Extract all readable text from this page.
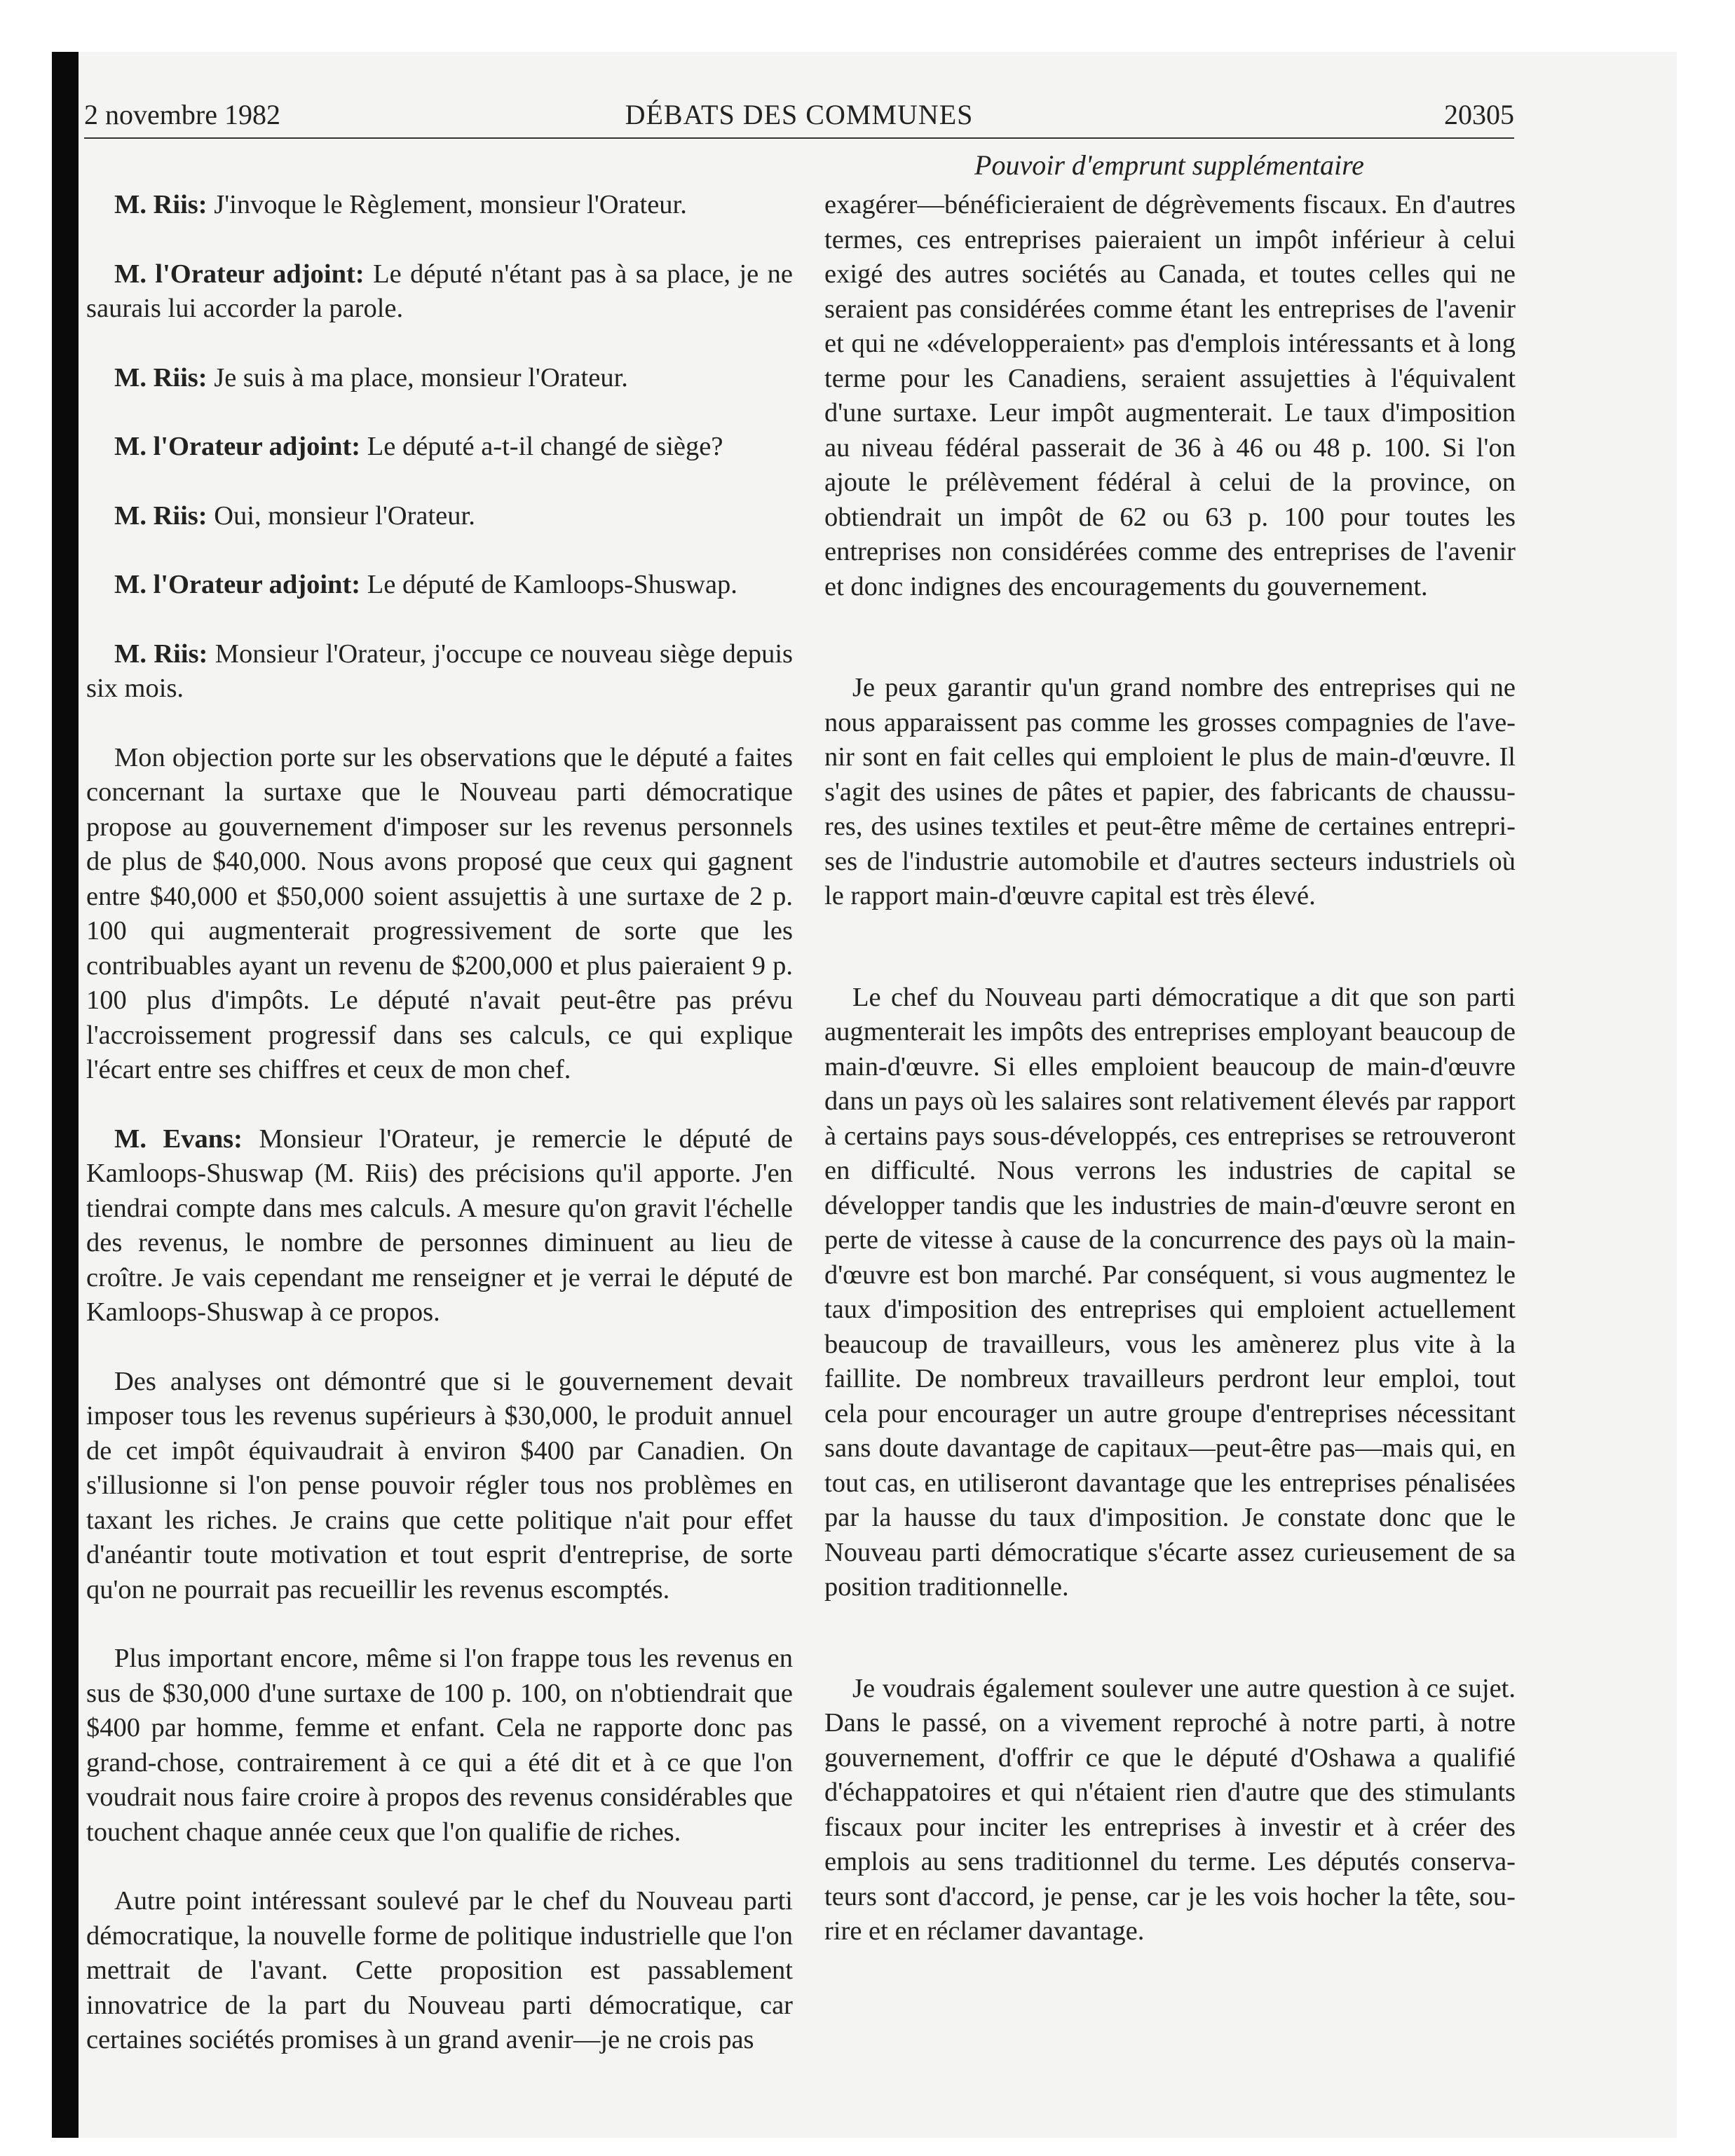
2 novembre 1982	DÉBATS DES COMMUNES	20305
Pouvoir d'emprunt supplémentaire

M. Riis: J'invoque le Règlement, monsieur l'Orateur.

M. l'Orateur adjoint: Le député n'étant pas à sa place, je ne saurais lui accorder la parole.

M. Riis: Je suis à ma place, monsieur l'Orateur.

M. l'Orateur adjoint: Le député a-t-il changé de siège?

M. Riis: Oui, monsieur l'Orateur.

M. l'Orateur adjoint: Le député de Kamloops-Shuswap.

M. Riis: Monsieur l'Orateur, j'occupe ce nouveau siège depuis six mois.

Mon objection porte sur les observations que le député a faites concernant la surtaxe que le Nouveau parti démocratique propose au gouvernement d'imposer sur les revenus personnels de plus de $40,000. Nous avons proposé que ceux qui gagnent entre $40,000 et $50,000 soient assujettis à une surtaxe de 2 p. 100 qui augmenterait progressivement de sorte que les contribuables ayant un revenu de $200,000 et plus paieraient 9 p. 100 plus d'impôts. Le député n'avait peut-être pas prévu l'accroissement progressif dans ses calculs, ce qui explique l'écart entre ses chiffres et ceux de mon chef.

M. Evans: Monsieur l'Orateur, je remercie le député de Kamloops-Shuswap (M. Riis) des précisions qu'il apporte. J'en tiendrai compte dans mes calculs. A mesure qu'on gravit l'échelle des revenus, le nombre de personnes diminuent au lieu de croître. Je vais cependant me renseigner et je verrai le député de Kamloops-Shuswap à ce propos.

Des analyses ont démontré que si le gouvernement devait imposer tous les revenus supérieurs à $30,000, le produit annuel de cet impôt équivaudrait à environ $400 par Canadien. On s'illusionne si l'on pense pouvoir régler tous nos problèmes en taxant les riches. Je crains que cette politique n'ait pour effet d'anéantir toute motivation et tout esprit d'entreprise, de sorte qu'on ne pourrait pas recueillir les revenus escomptés.

Plus important encore, même si l'on frappe tous les revenus en sus de $30,000 d'une surtaxe de 100 p. 100, on n'obtiendrait que $400 par homme, femme et enfant. Cela ne rapporte donc pas grand-chose, contrairement à ce qui a été dit et à ce que l'on voudrait nous faire croire à propos des revenus considérables que touchent chaque année ceux que l'on qualifie de riches.

Autre point intéressant soulevé par le chef du Nouveau parti démocratique, la nouvelle forme de politique industrielle que l'on mettrait de l'avant. Cette proposition est passablement innovatrice de la part du Nouveau parti démocratique, car certaines sociétés promises à un grand avenir—je ne crois pas

exagérer—bénéficieraient de dégrèvements fiscaux. En d'autres termes, ces entreprises paieraient un impôt inférieur à celui exigé des autres sociétés au Canada, et toutes celles qui ne seraient pas considérées comme étant les entreprises de l'avenir et qui ne «développeraient» pas d'emplois intéressants et à long terme pour les Canadiens, seraient assujetties à l'équivalent d'une surtaxe. Leur impôt augmenterait. Le taux d'imposition au niveau fédéral passerait de 36 à 46 ou 48 p. 100. Si l'on ajoute le prélèvement fédéral à celui de la province, on obtiendrait un impôt de 62 ou 63 p. 100 pour toutes les entreprises non considérées comme des entreprises de l'avenir et donc indignes des encouragements du gouvernement.

Je peux garantir qu'un grand nombre des entreprises qui ne nous apparaissent pas comme les grosses compagnies de l'avenir sont en fait celles qui emploient le plus de main-d'œuvre. Il s'agit des usines de pâtes et papier, des fabricants de chaussures, des usines textiles et peut-être même de certaines entreprises de l'industrie automobile et d'autres secteurs industriels où le rapport main-d'œuvre capital est très élevé.

Le chef du Nouveau parti démocratique a dit que son parti augmenterait les impôts des entreprises employant beaucoup de main-d'œuvre. Si elles emploient beaucoup de main-d'œuvre dans un pays où les salaires sont relativement élevés par rapport à certains pays sous-développés, ces entreprises se retrouveront en difficulté. Nous verrons les industries de capital se développer tandis que les industries de main-d'œuvre seront en perte de vitesse à cause de la concurrence des pays où la main-d'œuvre est bon marché. Par conséquent, si vous augmentez le taux d'imposition des entreprises qui emploient actuellement beaucoup de travailleurs, vous les amènerez plus vite à la faillite. De nombreux travailleurs perdront leur emploi, tout cela pour encourager un autre groupe d'entreprises nécessitant sans doute davantage de capitaux—peut-être pas—mais qui, en tout cas, en utiliseront davantage que les entreprises pénalisées par la hausse du taux d'imposition. Je constate donc que le Nouveau parti démocratique s'écarte assez curieusement de sa position traditionnelle.

Je voudrais également soulever une autre question à ce sujet. Dans le passé, on a vivement reproché à notre parti, à notre gouvernement, d'offrir ce que le député d'Oshawa a qualifié d'échappatoires et qui n'étaient rien d'autre que des stimulants fiscaux pour inciter les entreprises à investir et à créer des emplois au sens traditionnel du terme. Les députés conservateurs sont d'accord, je pense, car je les vois hocher la tête, sourire et en réclamer davantage.
